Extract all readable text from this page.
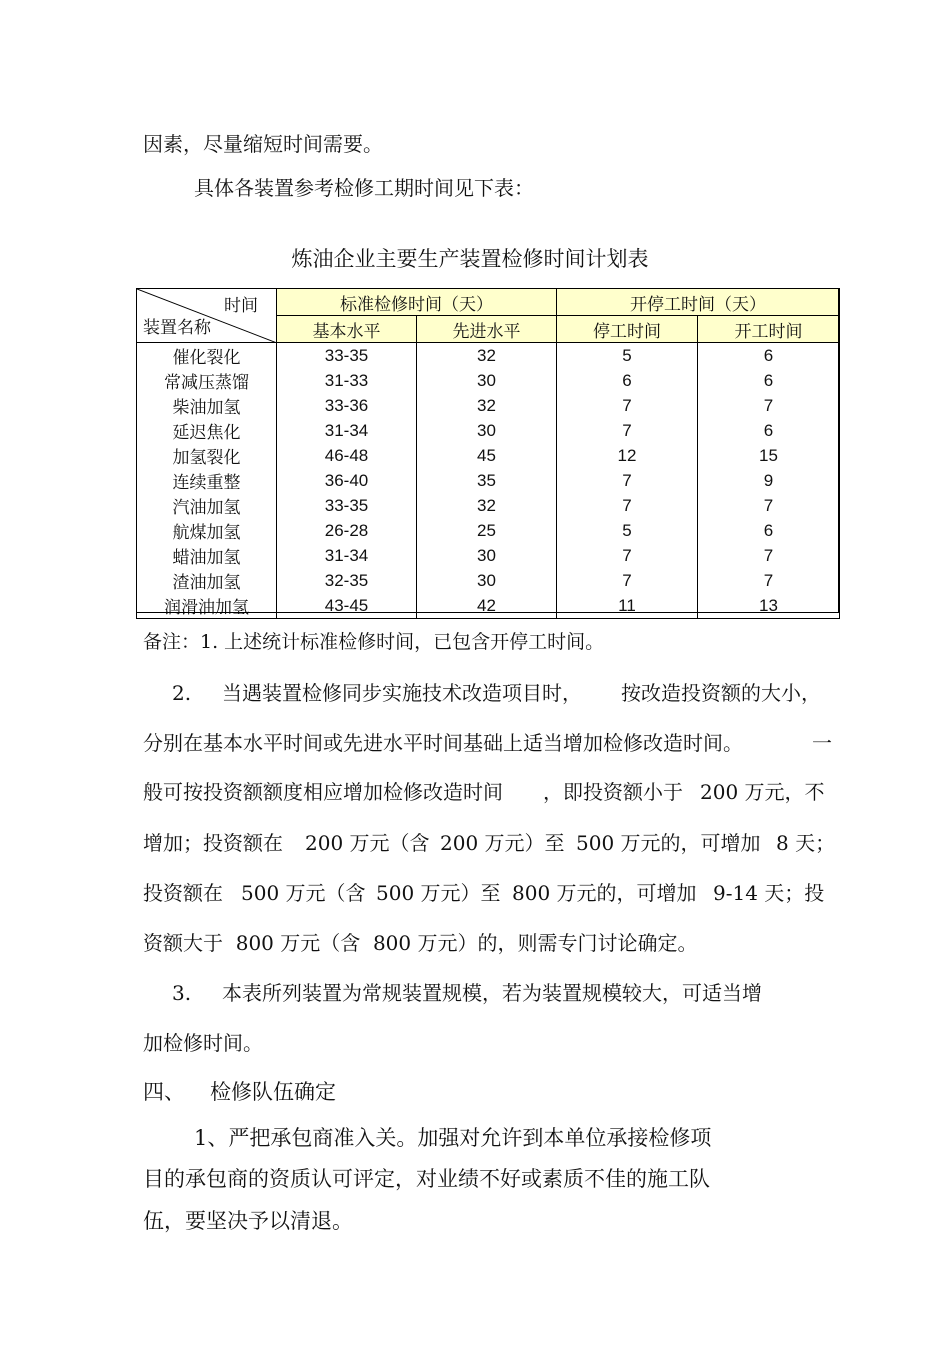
因素，尽量缩短时间需要。
具体各装置参考检修工期时间见下表：
炼油企业主要生产装置检修时间计划表
时间
装置名称	标准检修时间（天）		开停工时间（天）	
	基本水平	先进水平	停工时间	开工时间
催化裂化	33-35	32	5	6
常减压蒸馏	31-33	30	6	6
柴油加氢	33-36	32	7	7
延迟焦化	31-34	30	7	6
加氢裂化	46-48	45	12	15
连续重整	36-40	35	7	9
汽油加氢	33-35	32	7	7
航煤加氢	26-28	25	5	6
蜡油加氢	31-34	30	7	7
渣油加氢	32-35	30	7	7
润滑油加氢	43-45	42	11	13
备注：1. 上述统计标准检修时间，已包含开停工时间。
2. 当遇装置检修同步实施技术改造项目时， 按改造投资额的大小，
分别在基本水平时间或先进水平时间基础上适当增加检修改造时间。	一
般可按投资额额度相应增加检修改造时间 ，即投资额小于 200 万元，不
增加；投资额在 200 万元（含 200 万元）至 500 万元的，可增加 8 天；
投资额在 500 万元（含 500 万元）至 800 万元的，可增加 9-14 天；投
资额大于  800 万元（含  800 万元）的，则需专门讨论确定。
3. 本表所列装置为常规装置规模，若为装置规模较大，可适当增
加检修时间。
四、 检修队伍确定
1、严把承包商准入关。加强对允许到本单位承接检修项
目的承包商的资质认可评定，对业绩不好或素质不佳的施工队
伍，要坚决予以清退。
